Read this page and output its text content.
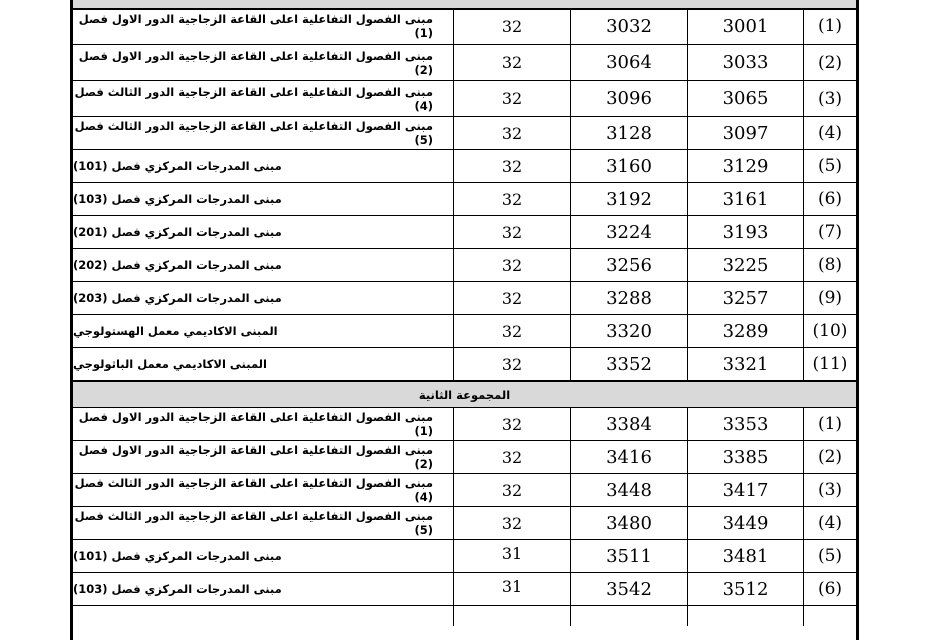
مبنى الفصول التفاعلية اعلى القاعة الزجاجية الدور الاول فصل (1)	32	3032	3001	(1)
مبنى الفصول التفاعلية اعلى القاعة الزجاجية الدور الاول فصل (2)	32	3064	3033	(2)
مبنى الفصول التفاعلية اعلى القاعة الزجاجية الدور الثالث فصل (4)	32	3096	3065	(3)
مبنى الفصول التفاعلية اعلى القاعة الزجاجية الدور الثالث فصل (5)	32	3128	3097	(4)
مبنى المدرجات المركزي فصل (101)	32	3160	3129	(5)
مبنى المدرجات المركزي فصل (103)	32	3192	3161	(6)
مبنى المدرجات المركزي فصل (201)	32	3224	3193	(7)
مبنى المدرجات المركزي فصل (202)	32	3256	3225	(8)
مبنى المدرجات المركزي فصل (203)	32	3288	3257	(9)
المبنى الاكاديمي معمل الهستولوجي	32	3320	3289	(10)
المبنى الاكاديمي معمل الباثولوجي	32	3352	3321	(11)
المجموعة الثانية
مبنى الفصول التفاعلية اعلى القاعة الزجاجية الدور الاول فصل (1)	32	3384	3353	(1)
مبنى الفصول التفاعلية اعلى القاعة الزجاجية الدور الاول فصل (2)	32	3416	3385	(2)
مبنى الفصول التفاعلية اعلى القاعة الزجاجية الدور الثالث فصل (4)	32	3448	3417	(3)
مبنى الفصول التفاعلية اعلى القاعة الزجاجية الدور الثالث فصل (5)	32	3480	3449	(4)
مبنى المدرجات المركزي فصل (101)	31	3511	3481	(5)
مبنى المدرجات المركزي فصل (103)	31	3542	3512	(6)
